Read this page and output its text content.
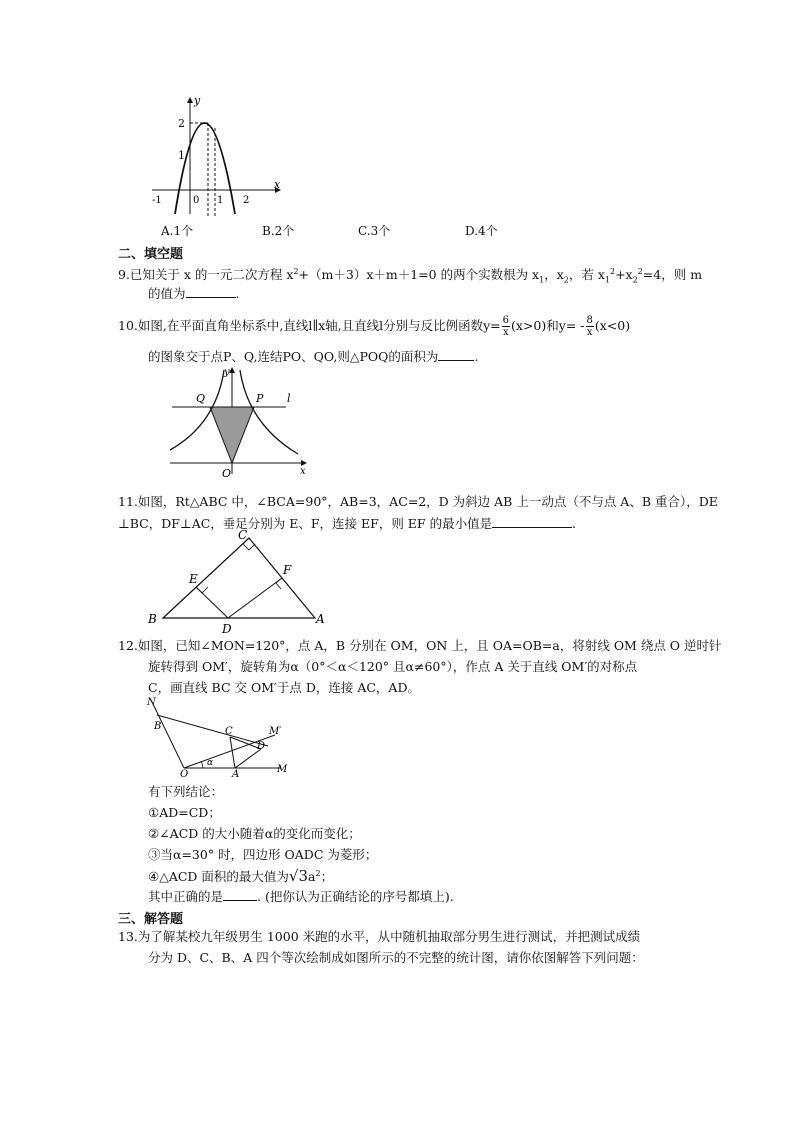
x
y
2
1
-1	0 1 2
A.1个	B.2个	C.3个	D.4个
二、填空题
9.已知关于 x 的一元二次方程 $x^2+(m+3)x+m+1=0$ 的两个实数根为 $x_1$，$x_2$，若 $x_1^2+x_2^2=4$，则 m
的值为	.
10.如图,在平面直角坐标系中,直线l∥x轴,且直线l分别与反比例函数$y= \frac{6}{x} (x>0)$和$y= - \frac{8}{x} (x<0)$
的图象交于点P、Q,连结PO、QO,则△POQ的面积为	.
Q	P l
O	x
y
11.如图，Rt△ABC 中，∠BCA=90°，AB=3，AC=2，D 为斜边 AB 上一动点（不与点 A、B 重合），DE
⊥BC，DF⊥AC，垂足分别为 E、F，连接 EF，则 EF 的最小值是	.
C
E
F
B
D
A
12.如图，已知∠MON=120°，点 A，B 分别在 OM，ON 上，且 OA=OB=a，将射线 OM 绕点 O 逆时针
旋转得到 OM′，旋转角为α（0°＜α＜120° 且α≠60°），作点 A 关于直线 OM′的对称点
C，画直线 BC 交 OM′于点 D，连接 AC，AD。
N
B	C	M′
D
O
α
A	M
有下列结论：
①AD=CD；
②∠ACD 的大小随着α的变化而变化；
③当α=30° 时，四边形 OADC 为菱形；
④△ACD 面积的最大值为$√3a^2$；
其中正确的是	. (把你认为正确结论的序号都填上).
三、解答题
13.为了解某校九年级男生 1000 米跑的水平，从中随机抽取部分男生进行测试，并把测试成绩
分为 D、C、B、A 四个等次绘制成如图所示的不完整的统计图，请你依图解答下列问题：
